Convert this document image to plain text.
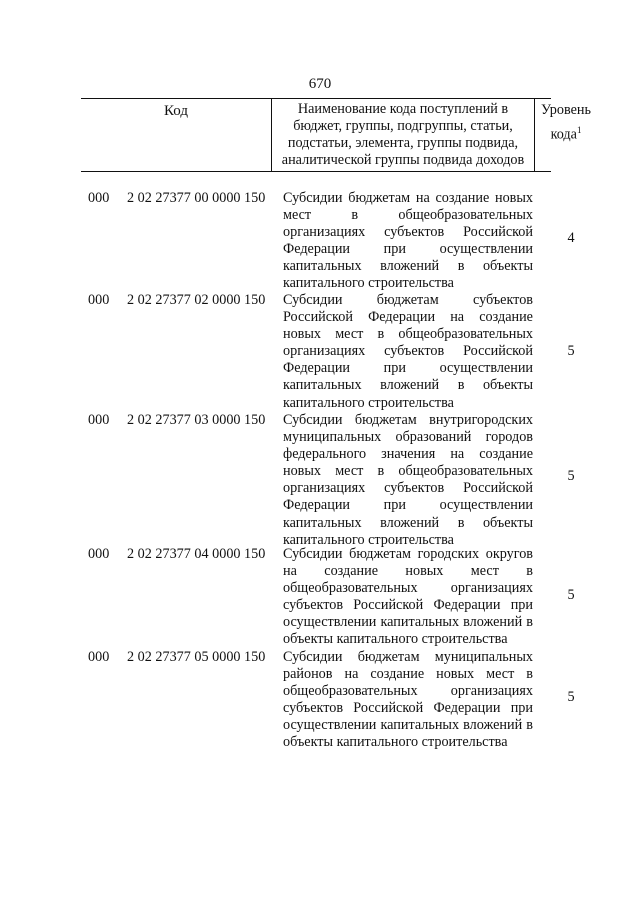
670
Код	Наименование кода поступлений в бюджет, группы, подгруппы, статьи, подстатьи, элемента, группы подвида, аналитической группы подвида доходов
Уровень кода$^1$
000 2 02 27377 00 0000 150 Субсидии бюджетам на создание новых мест в общеобразовательных организациях субъектов Российской Федерации при осуществлении капитальных вложений в объекты капитального строительства
4
000 2 02 27377 02 0000 150 Субсидии бюджетам субъектов Российской Федерации на создание новых мест в общеобразовательных организациях субъектов Российской Федерации при осуществлении капитальных вложений в объекты капитального строительства
5
000 2 02 27377 03 0000 150 Субсидии бюджетам внутригородских муниципальных образований городов федерального значения на создание новых мест в общеобразовательных организациях субъектов Российской Федерации при осуществлении капитальных вложений в объекты капитального строительства
5
000 2 02 27377 04 0000 150 Субсидии бюджетам городских округов на создание новых мест в общеобразовательных организациях субъектов Российской Федерации при осуществлении капитальных вложений в объекты капитального строительства
5
000 2 02 27377 05 0000 150 Субсидии бюджетам муниципальных районов на создание новых мест в общеобразовательных организациях субъектов Российской Федерации при осуществлении капитальных вложений в объекты капитального строительства
5
